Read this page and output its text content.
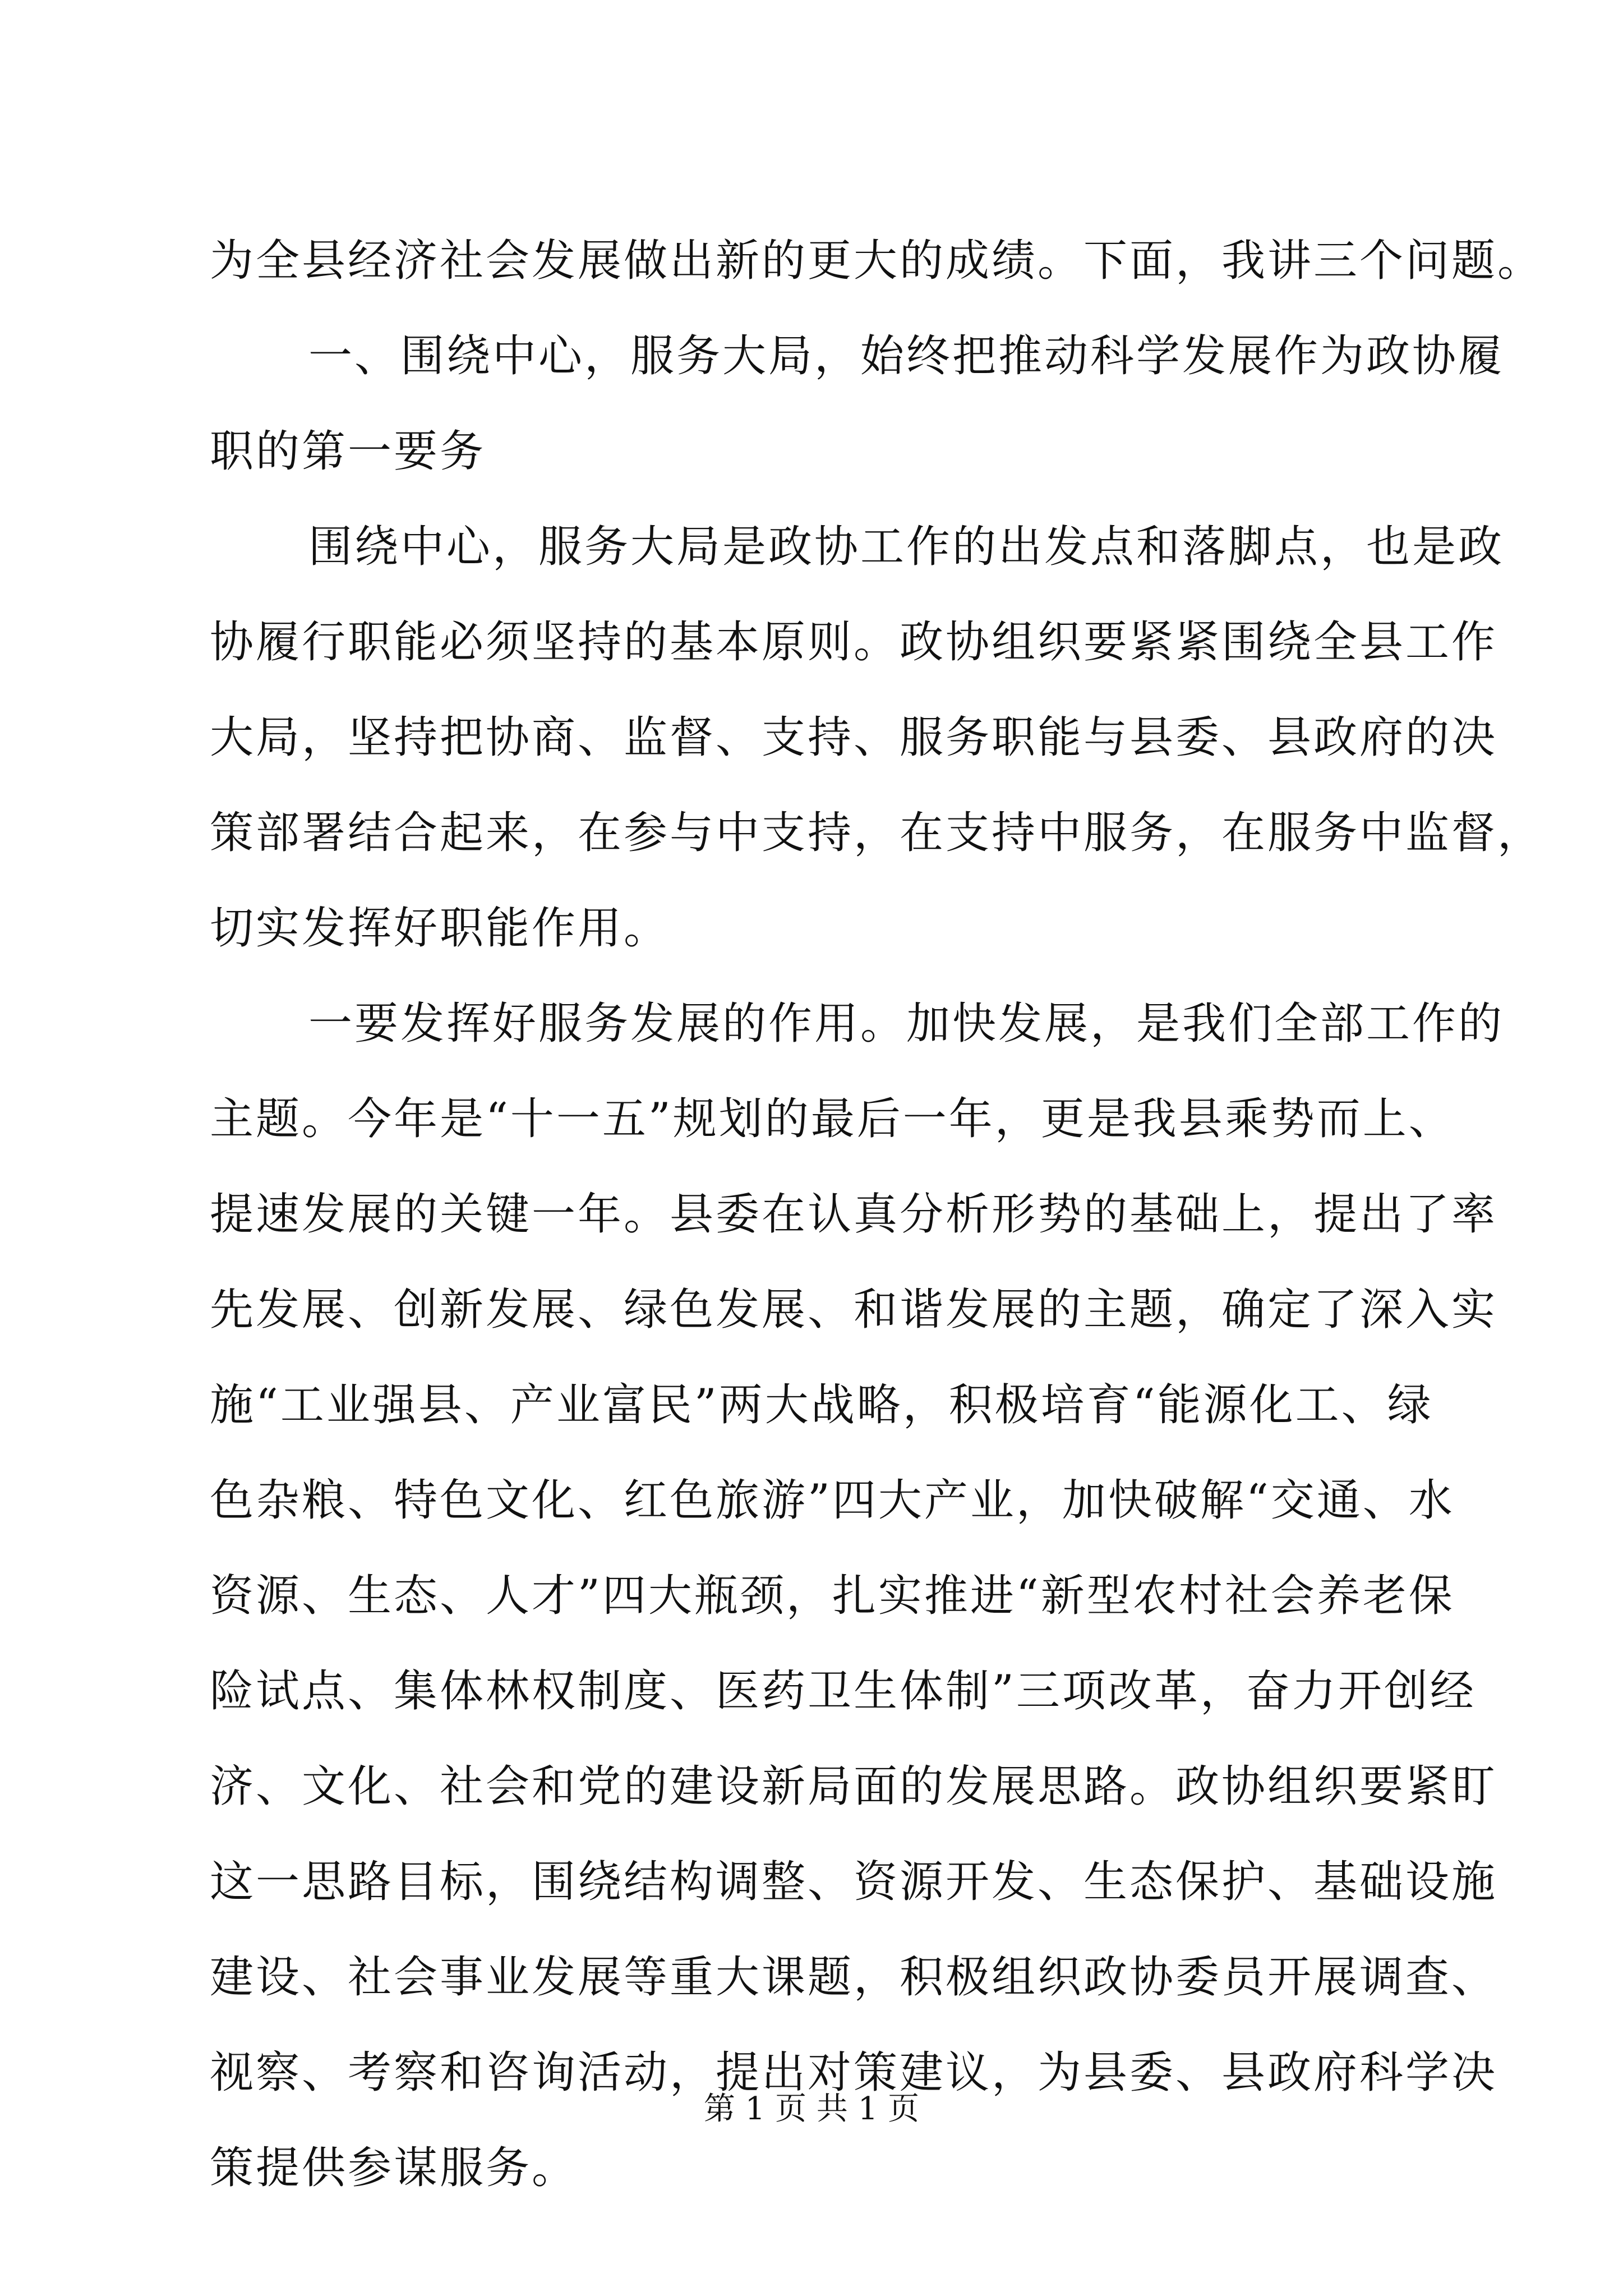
为全县经济社会发展做出新的更大的成绩。下面，我讲三个问题。
一、围绕中心，服务大局，始终把推动科学发展作为政协履
职的第一要务
围绕中心，服务大局是政协工作的出发点和落脚点，也是政
协履行职能必须坚持的基本原则。政协组织要紧紧围绕全县工作
大局，坚持把协商、监督、支持、服务职能与县委、县政府的决
策部署结合起来，在参与中支持，在支持中服务，在服务中监督，
切实发挥好职能作用。
一要发挥好服务发展的作用。加快发展，是我们全部工作的
主题。今年是“十一五”规划的最后一年，更是我县乘势而上、
提速发展的关键一年。县委在认真分析形势的基础上，提出了率
先发展、创新发展、绿色发展、和谐发展的主题，确定了深入实
施“工业强县、产业富民”两大战略，积极培育“能源化工、绿
色杂粮、特色文化、红色旅游”四大产业，加快破解“交通、水
资源、生态、人才”四大瓶颈，扎实推进“新型农村社会养老保
险试点、集体林权制度、医药卫生体制”三项改革，奋力开创经
济、文化、社会和党的建设新局面的发展思路。政协组织要紧盯
这一思路目标，围绕结构调整、资源开发、生态保护、基础设施
建设、社会事业发展等重大课题，积极组织政协委员开展调查、
视察、考察和咨询活动，提出对策建议，为县委、县政府科学决
策提供参谋服务。
第 1 页 共 1 页
